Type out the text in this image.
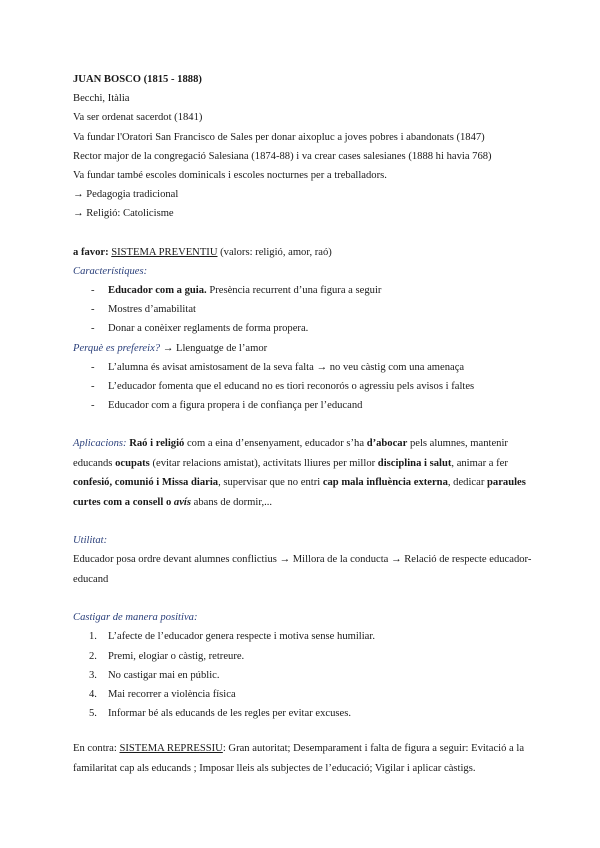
JUAN BOSCO (1815 - 1888)
Becchi, Itàlia
Va ser ordenat sacerdot (1841)
Va fundar l'Oratori San Francisco de Sales per donar aixopluc a joves pobres i abandonats (1847)
Rector major de la congregació Salesiana (1874-88) i va crear cases salesianes (1888 hi havia 768)
Va fundar també escoles dominicals i escoles nocturnes per a treballadors.
→ Pedagogia tradicional
→ Religió: Catolicisme
a favor: SISTEMA PREVENTIU (valors: religió, amor, raó)
Característiques:
- Educador com a guia. Presència recurrent d’una figura a seguir
- Mostres d’amabilitat
- Donar a conèixer reglaments de forma propera.
Perquè es prefereix? → Llenguatge de l’amor
- L’alumna és avisat amistosament de la seva falta → no veu càstig com una amenaça
- L’educador fomenta que el educand no es tiori reconorós o agressiu pels avisos i faltes
- Educador com a figura propera i de confiança per l’educand
Aplicacions: Raó i religió com a eina d’ensenyament, educador s’ha d’abocar pels alumnes, mantenir educands ocupats (evitar relacions amistat), activitats lliures per millor disciplina i salut, animar a fer confesió, comunió i Missa diaria, supervisar que no entri cap mala influència externa, dedicar paraules curtes com a consell o avís abans de dormir,...
Utilitat:
Educador posa ordre devant alumnes conflictius → Millora de la conducta → Relació de respecte educador-educand
Castigar de manera positiva:
1. L’afecte de l’educador genera respecte i motiva sense humiliar.
2. Premi, elogiar o càstig, retreure.
3. No castigar mai en públic.
4. Mai recorrer a violència física
5. Informar bé als educands de les regles per evitar excuses.
En contra: SISTEMA REPRESSIU: Gran autoritat; Desemparament i falta de figura a seguir: Evitació a la familaritat cap als educands ; Imposar lleis als subjectes de l’educació; Vigilar i aplicar càstigs.
